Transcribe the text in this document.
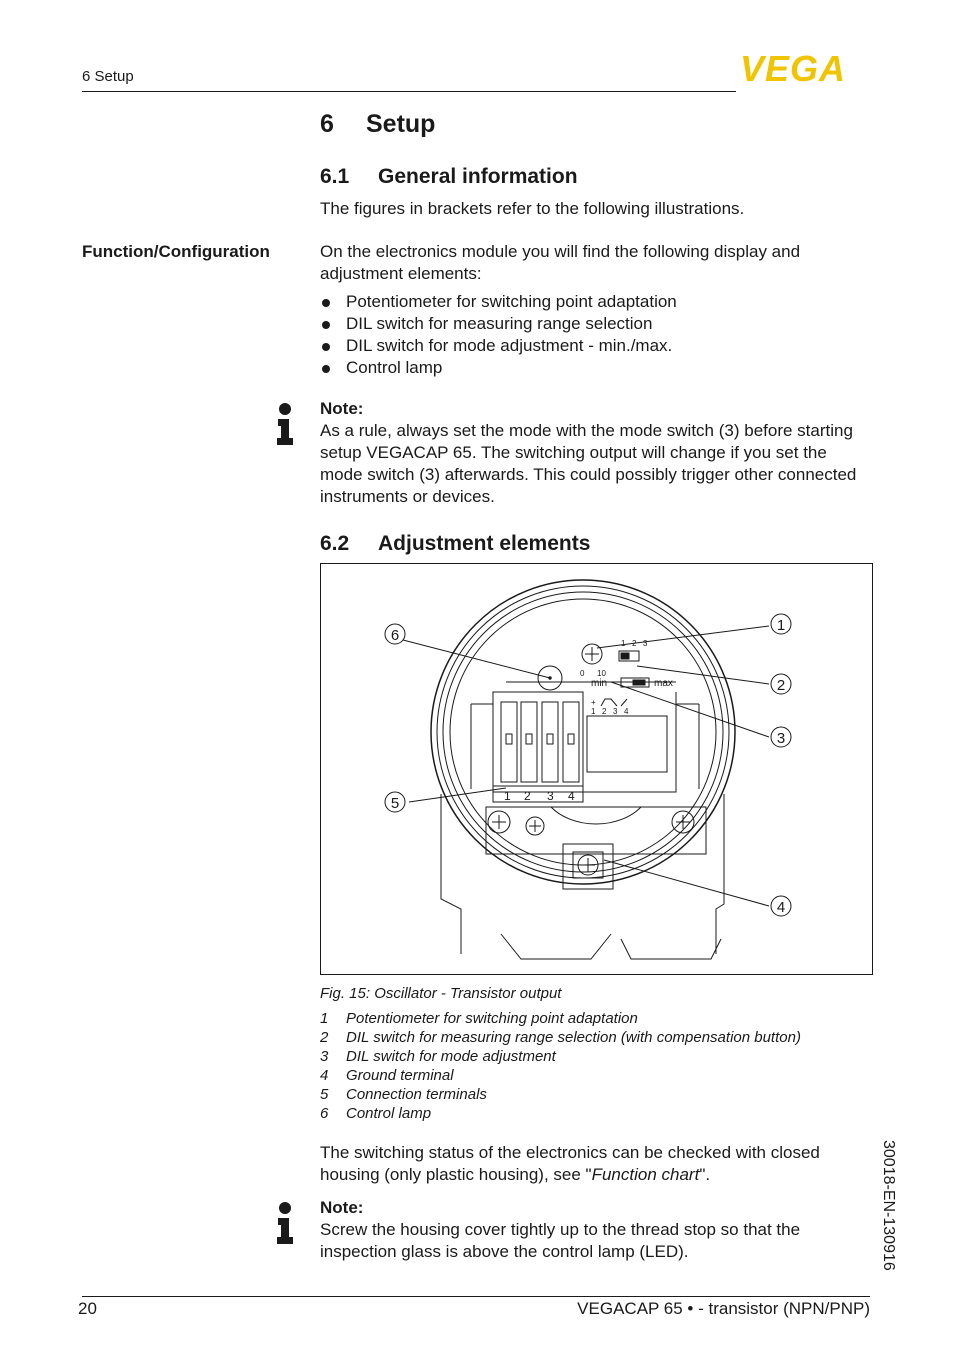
6 Setup	VEGA
6 Setup
6.1 General information
The figures in brackets refer to the following illustrations.
Function/Configuration	On the electronics module you will find the following display and adjustment elements:
Potentiometer for switching point adaptation
DIL switch for measuring range selection
DIL switch for mode adjustment - min./max.
Control lamp
Note:
As a rule, always set the mode with the mode switch (3) before starting setup VEGACAP 65. The switching output will change if you set the mode switch (3) afterwards. This could possibly trigger other connected instruments or devices.
6.2 Adjustment elements
1
2
3
4
5
6
0 10
1 2 3
min	max
+
1 2 3 4
1 2 3 4
Fig. 15: Oscillator - Transistor output
1 Potentiometer for switching point adaptation
2 DIL switch for measuring range selection (with compensation button)
3 DIL switch for mode adjustment
4 Ground terminal
5 Connection terminals
6 Control lamp
The switching status of the electronics can be checked with closed housing (only plastic housing), see "Function chart".
Note:
Screw the housing cover tightly up to the thread stop so that the inspection glass is above the control lamp (LED).	30018-EN-130916
20	VEGACAP 65 • - transistor (NPN/PNP)
